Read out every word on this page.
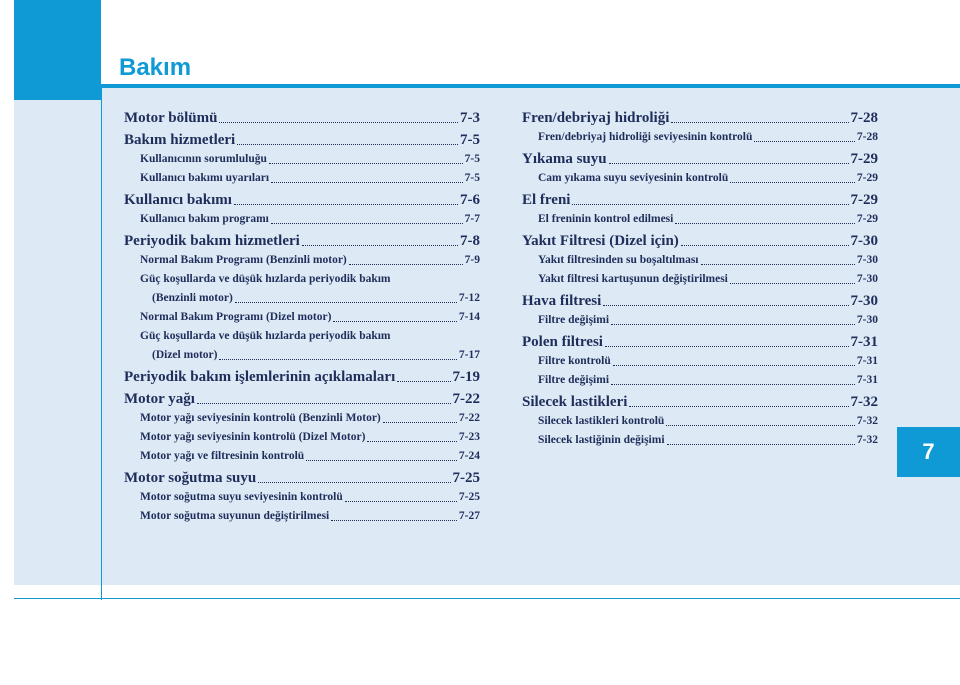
Bakım
7
Motor bölümü	7-3
Bakım hizmetleri	7-5
Kullanıcının sorumluluğu	7-5
Kullanıcı bakımı uyarıları	7-5
Kullanıcı bakımı	7-6
Kullanıcı bakım programı	7-7
Periyodik bakım hizmetleri	7-8
Normal Bakım Programı (Benzinli motor)	7-9
Güç koşullarda ve düşük hızlarda periyodik bakım
(Benzinli motor)	7-12
Normal Bakım Programı (Dizel motor)	7-14
Güç koşullarda ve düşük hızlarda periyodik bakım
(Dizel motor)	7-17
Periyodik bakım işlemlerinin açıklamaları	7-19
Motor yağı	7-22
Motor yağı seviyesinin kontrolü (Benzinli Motor)	7-22
Motor yağı seviyesinin kontrolü (Dizel Motor)	7-23
Motor yağı ve filtresinin kontrolü	7-24
Motor soğutma suyu	7-25
Motor soğutma suyu seviyesinin kontrolü	7-25
Motor soğutma suyunun değiştirilmesi	7-27
Fren/debriyaj hidroliği	7-28
Fren/debriyaj hidroliği seviyesinin kontrolü	7-28
Yıkama suyu	7-29
Cam yıkama suyu seviyesinin kontrolü	7-29
El freni	7-29
El freninin kontrol edilmesi	7-29
Yakıt Filtresi (Dizel için)	7-30
Yakıt filtresinden su boşaltılması	7-30
Yakıt filtresi kartuşunun değiştirilmesi	7-30
Hava filtresi	7-30
Filtre değişimi	7-30
Polen filtresi	7-31
Filtre kontrolü	7-31
Filtre değişimi	7-31
Silecek lastikleri	7-32
Silecek lastikleri kontrolü	7-32
Silecek lastiğinin değişimi	7-32
